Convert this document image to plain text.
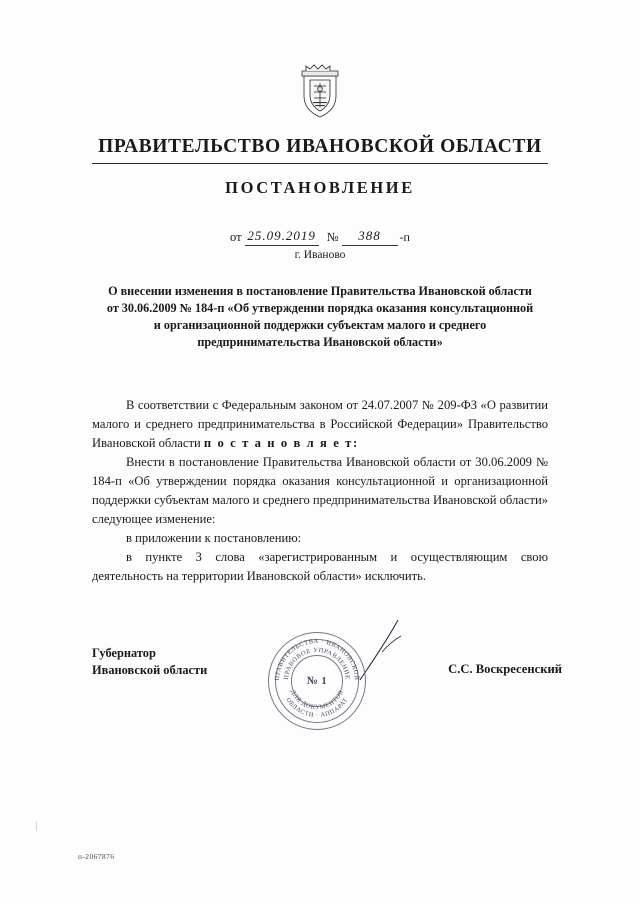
ПРАВИТЕЛЬСТВО ИВАНОВСКОЙ ОБЛАСТИ
ПОСТАНОВЛЕНИЕ
от 25.09.2019 №	388	-п
г. Иваново
О внесении изменения в постановление Правительства Ивановской области от 30.06.2009 № 184-п «Об утверждении порядка оказания консультационной и организационной поддержки субъектам малого и среднего предпринимательства Ивановской области»

В соответствии с Федеральным законом от 24.07.2007 № 209-ФЗ «О развитии малого и среднего предпринимательства в Российской Федерации» Правительство Ивановской области п о с т а н о в л я е т:

Внести в постановление Правительства Ивановской области от 30.06.2009 № 184-п «Об утверждении порядка оказания консультационной и организационной поддержки субъектам малого и среднего предпринимательства Ивановской области» следующее изменение:

в приложении к постановлению:

в пункте 3 слова «зарегистрированным и осуществляющим свою деятельность на территории Ивановской области» исключить.

Губернатор
Ивановской области	С.С. Воскресенский
ПРАВИТЕЛЬСТВА · ИВАНОВСКОЙ
ОБЛАСТИ · АППАРАТ
ПРАВОВОЕ УПРАВЛЕНИЕ
ДЛЯ ДОКУМЕНТОВ
№ 1
п-2067876
